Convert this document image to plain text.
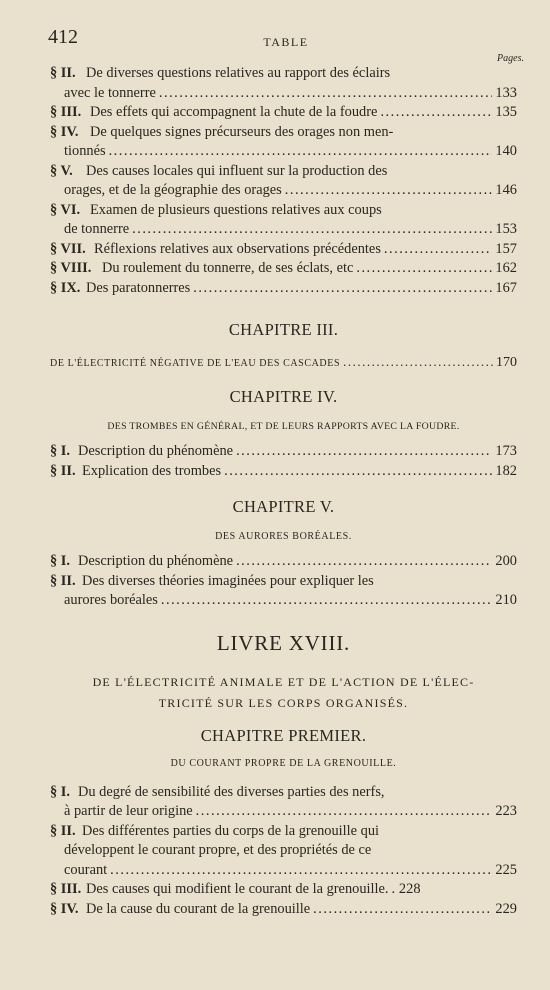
412	TABLE
Pages.
§ II. De diverses questions relatives au rapport des éclairs
avec le tonnerre .....	133
§ III. Des effets qui accompagnent la chute de la foudre .....	135
§ IV. De quelques signes précurseurs des orages non men-
tionnés .....	140
§ V. Des causes locales qui influent sur la production des
orages, et de la géographie des orages .....	146
§ VI. Examen de plusieurs questions relatives aux coups
de tonnerre .....	153
§ VII. Réflexions relatives aux observations précédentes .....	157
§ VIII. Du roulement du tonnerre, de ses éclats, etc .....	162
§ IX. Des paratonnerres .....	167
CHAPITRE III.
DE L'ÉLECTRICITÉ NÉGATIVE DE L'EAU DES CASCADES .....	170
CHAPITRE IV.
DES TROMBES EN GÉNÉRAL, ET DE LEURS RAPPORTS AVEC LA FOUDRE.
§ I. Description du phénomène .....	173
§ II. Explication des trombes .....	182
CHAPITRE V.
DES AURORES BORÉALES.
§ I. Description du phénomène .....	200
§ II. Des diverses théories imaginées pour expliquer les
aurores boréales .....	210
LIVRE XVIII.
DE L'ÉLECTRICITÉ ANIMALE ET DE L'ACTION DE L'ÉLEC-
TRICITÉ SUR LES CORPS ORGANISÉS.
CHAPITRE PREMIER.
DU COURANT PROPRE DE LA GRENOUILLE.
§ I. Du degré de sensibilité des diverses parties des nerfs,
à partir de leur origine .....	223
§ II. Des différentes parties du corps de la grenouille qui
développent le courant propre, et des propriétés de ce
courant .....	225
§ III. Des causes qui modifient le courant de la grenouille. ..... 228
§ IV. De la cause du courant de la grenouille .....	229
